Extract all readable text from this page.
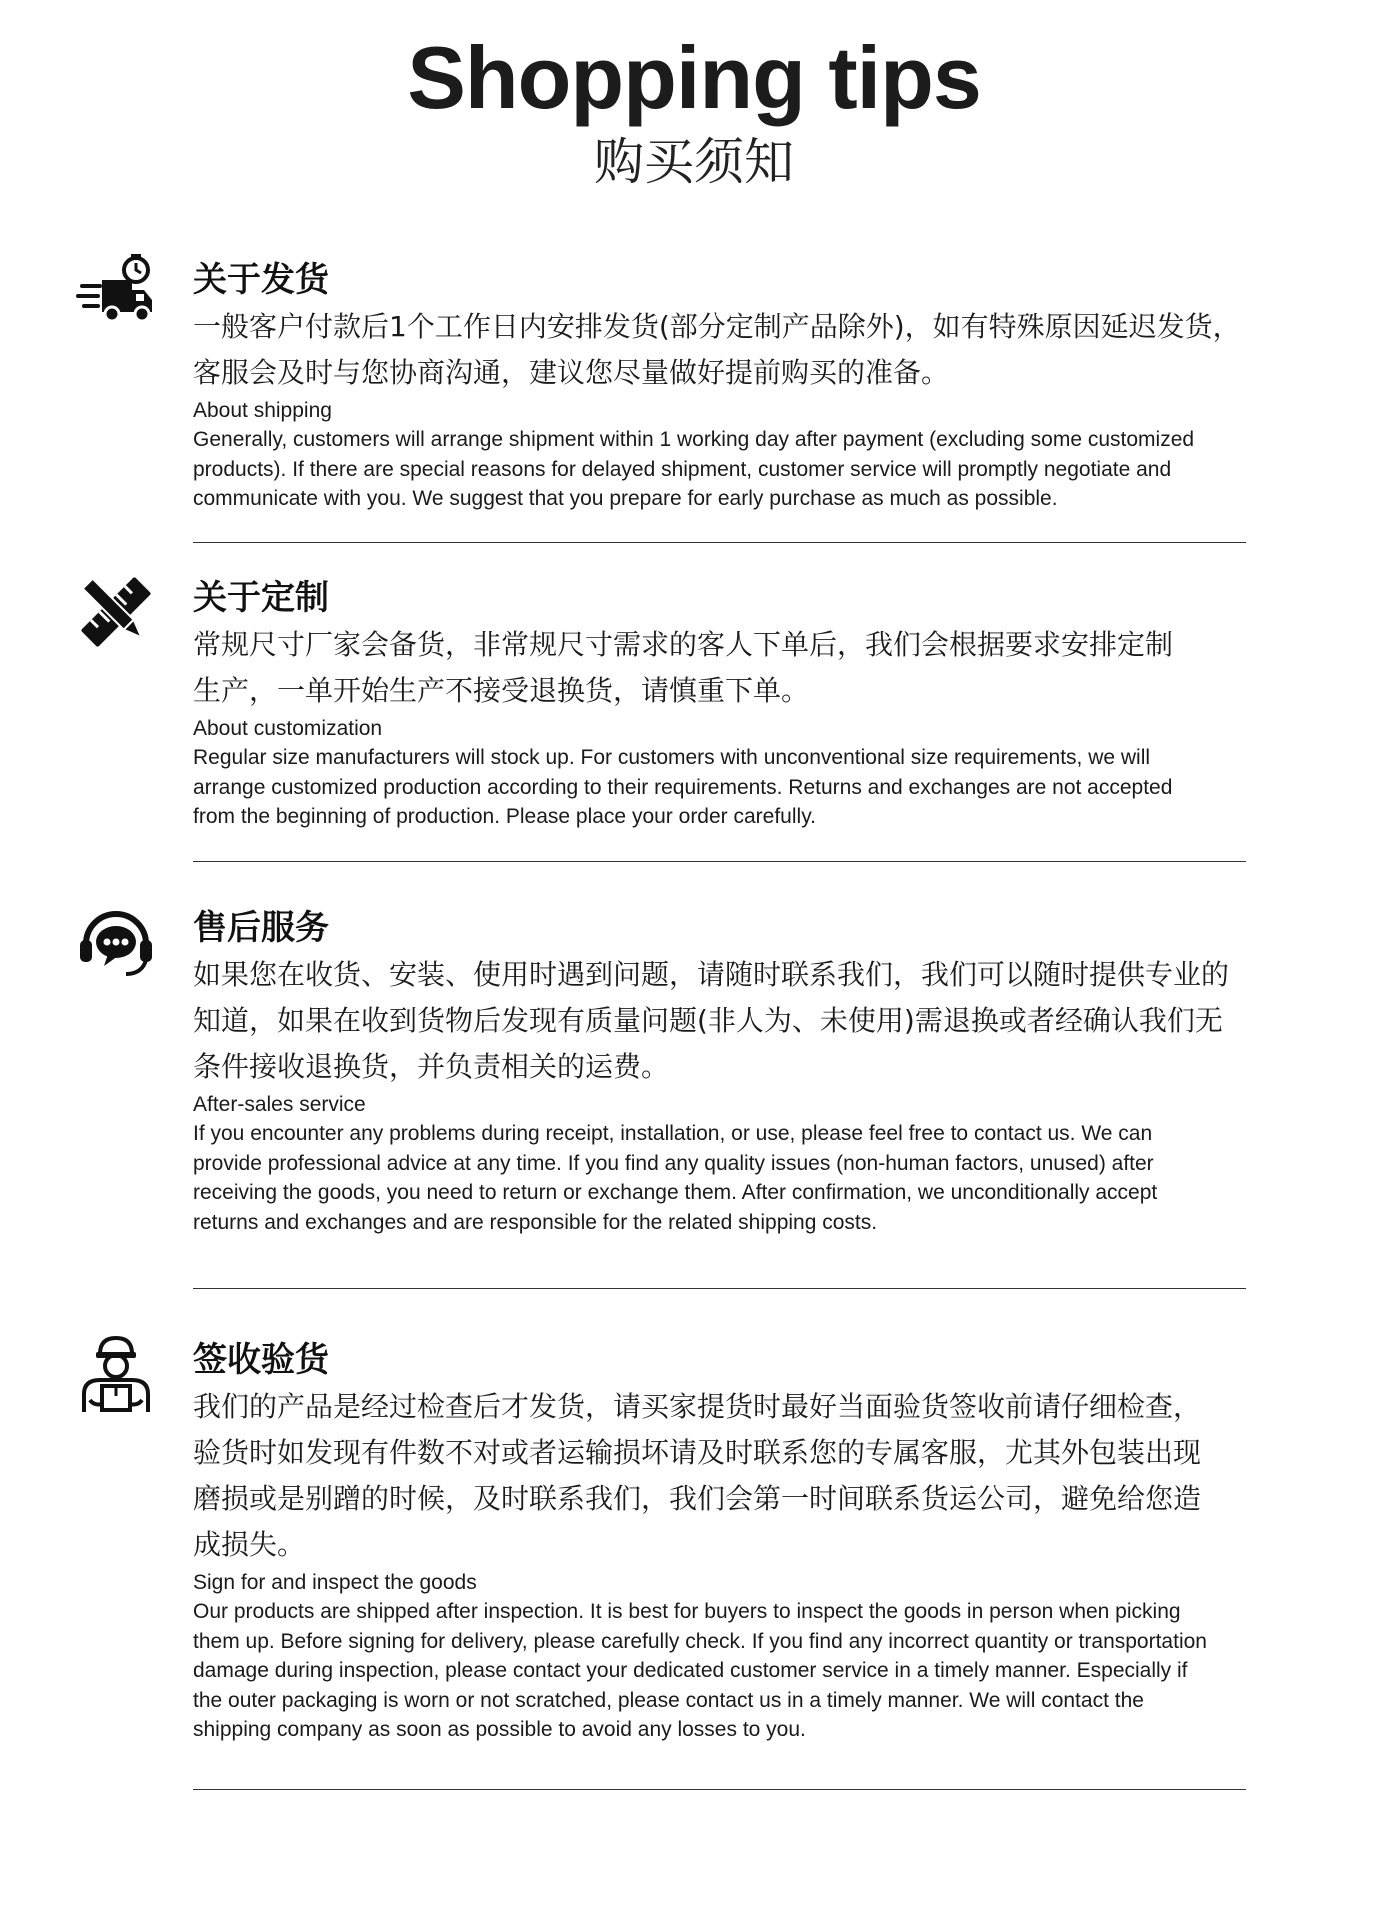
Shopping tips
购买须知

关于发货

一般客户付款后1个工作日内安排发货(部分定制产品除外)，如有特殊原因延迟发货，

客服会及时与您协商沟通，建议您尽量做好提前购买的准备。

About shipping

Generally, customers will arrange shipment within 1 working day after payment (excluding some customized

products). If there are special reasons for delayed shipment, customer service will promptly negotiate and

communicate with you. We suggest that you prepare for early purchase as much as possible.

关于定制

常规尺寸厂家会备货，非常规尺寸需求的客人下单后，我们会根据要求安排定制

生产，一单开始生产不接受退换货，请慎重下单。

About customization

Regular size manufacturers will stock up. For customers with unconventional size requirements, we will

arrange customized production according to their requirements. Returns and exchanges are not accepted

from the beginning of production. Please place your order carefully.

售后服务

如果您在收货、安装、使用时遇到问题，请随时联系我们，我们可以随时提供专业的

知道，如果在收到货物后发现有质量问题(非人为、未使用)需退换或者经确认我们无

条件接收退换货，并负责相关的运费。

After-sales service

If you encounter any problems during receipt, installation, or use, please feel free to contact us. We can

provide professional advice at any time. If you find any quality issues (non-human factors, unused) after

receiving the goods, you need to return or exchange them. After confirmation, we unconditionally accept

returns and exchanges and are responsible for the related shipping costs.

签收验货

我们的产品是经过检查后才发货，请买家提货时最好当面验货签收前请仔细检查，

验货时如发现有件数不对或者运输损坏请及时联系您的专属客服，尤其外包装出现

磨损或是别蹭的时候，及时联系我们，我们会第一时间联系货运公司，避免给您造

成损失。

Sign for and inspect the goods

Our products are shipped after inspection. It is best for buyers to inspect the goods in person when picking

them up. Before signing for delivery, please carefully check. If you find any incorrect quantity or transportation

damage during inspection, please contact your dedicated customer service in a timely manner. Especially if

the outer packaging is worn or not scratched, please contact us in a timely manner. We will contact the

shipping company as soon as possible to avoid any losses to you.
